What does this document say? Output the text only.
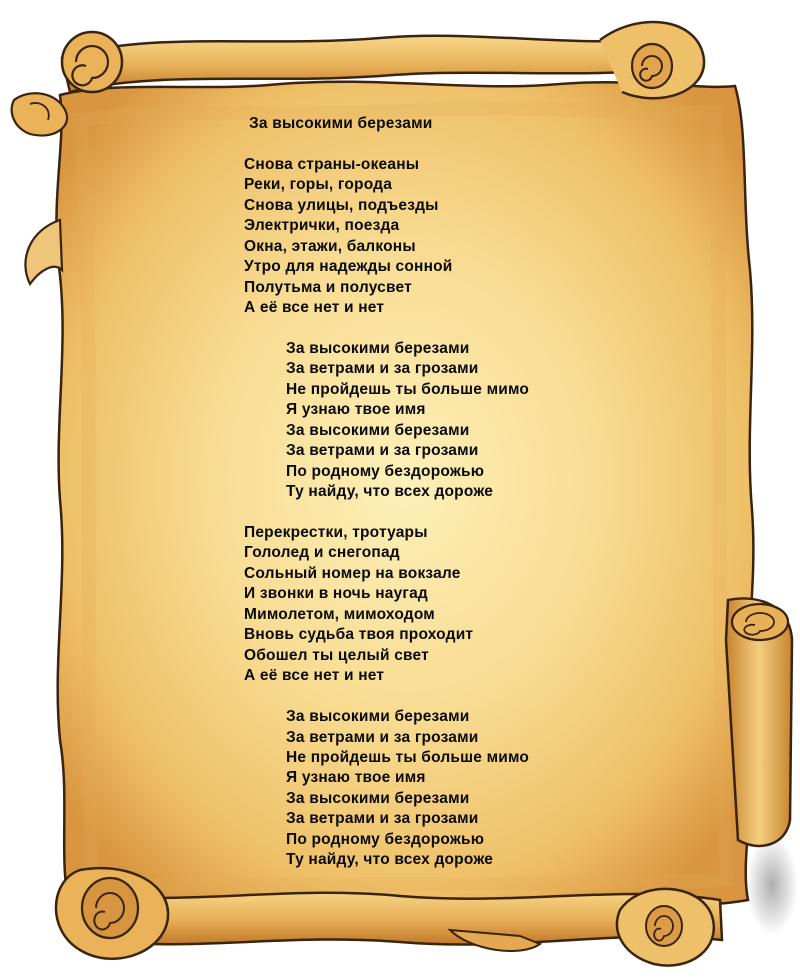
За высокими березами
Снова страны-океаны
Реки, горы, города
Снова улицы, подъезды
Электрички, поезда
Окна, этажи, балконы
Утро для надежды сонной
Полутьма и полусвет
А её все нет и нет
За высокими березами
За ветрами и за грозами
Не пройдешь ты больше мимо
Я узнаю твое имя
За высокими березами
За ветрами и за грозами
По родному бездорожью
Ту найду, что всех дороже
Перекрестки, тротуары
Гололед и снегопад
Сольный номер на вокзале
И звонки в ночь наугад
Мимолетом, мимоходом
Вновь судьба твоя проходит
Обошел ты целый свет
А её все нет и нет
За высокими березами
За ветрами и за грозами
Не пройдешь ты больше мимо
Я узнаю твое имя
За высокими березами
За ветрами и за грозами
По родному бездорожью
Ту найду, что всех дороже
